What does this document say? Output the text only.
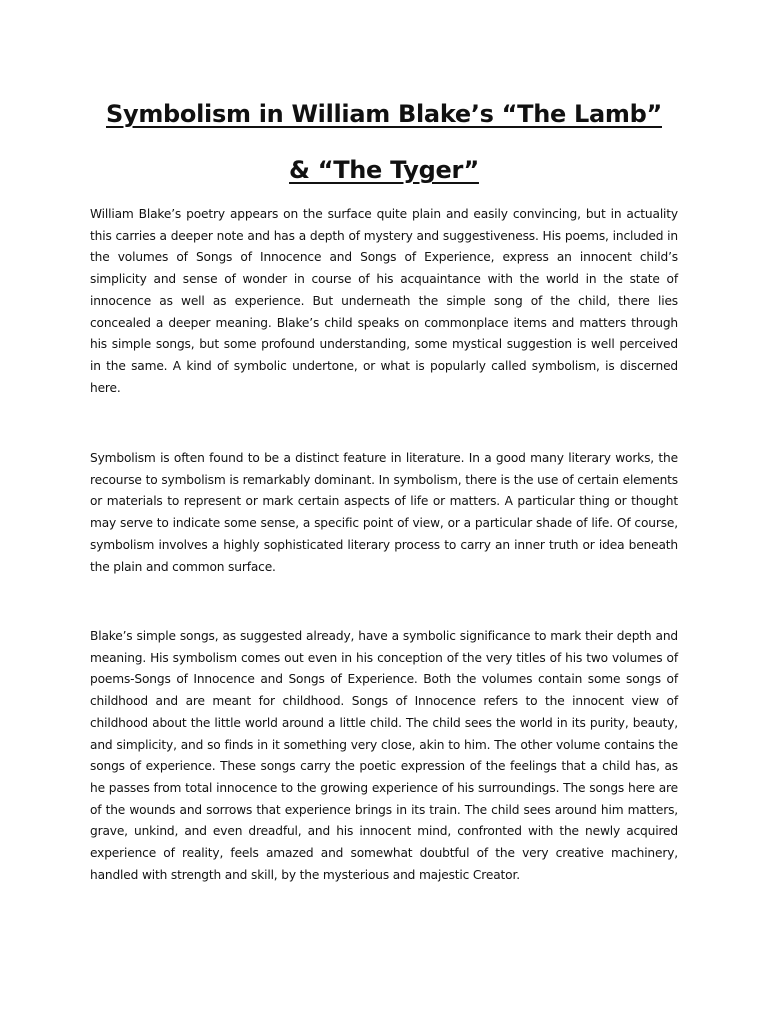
Symbolism in William Blake’s “The Lamb”
& “The Tyger”

William Blake’s poetry appears on the surface quite plain and easily convincing, but in actuality this carries a deeper note and has a depth of mystery and suggestiveness. His poems, included in the volumes of Songs of Innocence and Songs of Experience, express an innocent child’s simplicity and sense of wonder in course of his acquaintance with the world in the state of innocence as well as experience. But underneath the simple song of the child, there lies concealed a deeper meaning. Blake’s child speaks on commonplace items and matters through his simple songs, but some profound understanding, some mystical suggestion is well perceived in the same. A kind of symbolic undertone, or what is popularly called symbolism, is discerned here.

Symbolism is often found to be a distinct feature in literature. In a good many literary works, the recourse to symbolism is remarkably dominant. In symbolism, there is the use of certain elements or materials to represent or mark certain aspects of life or matters. A particular thing or thought may serve to indicate some sense, a specific point of view, or a particular shade of life. Of course, symbolism involves a highly sophisticated literary process to carry an inner truth or idea beneath the plain and common surface.

Blake’s simple songs, as suggested already, have a symbolic significance to mark their depth and meaning. His symbolism comes out even in his conception of the very titles of his two volumes of poems-Songs of Innocence and Songs of Experience. Both the volumes contain some songs of childhood and are meant for childhood. Songs of Innocence refers to the innocent view of childhood about the little world around a little child. The child sees the world in its purity, beauty, and simplicity, and so finds in it something very close, akin to him. The other volume contains the songs of experience. These songs carry the poetic expression of the feelings that a child has, as he passes from total innocence to the growing experience of his surroundings. The songs here are of the wounds and sorrows that experience brings in its train. The child sees around him matters, grave, unkind, and even dreadful, and his innocent mind, confronted with the newly acquired experience of reality, feels amazed and somewhat doubtful of the very creative machinery, handled with strength and skill, by the mysterious and majestic Creator.
